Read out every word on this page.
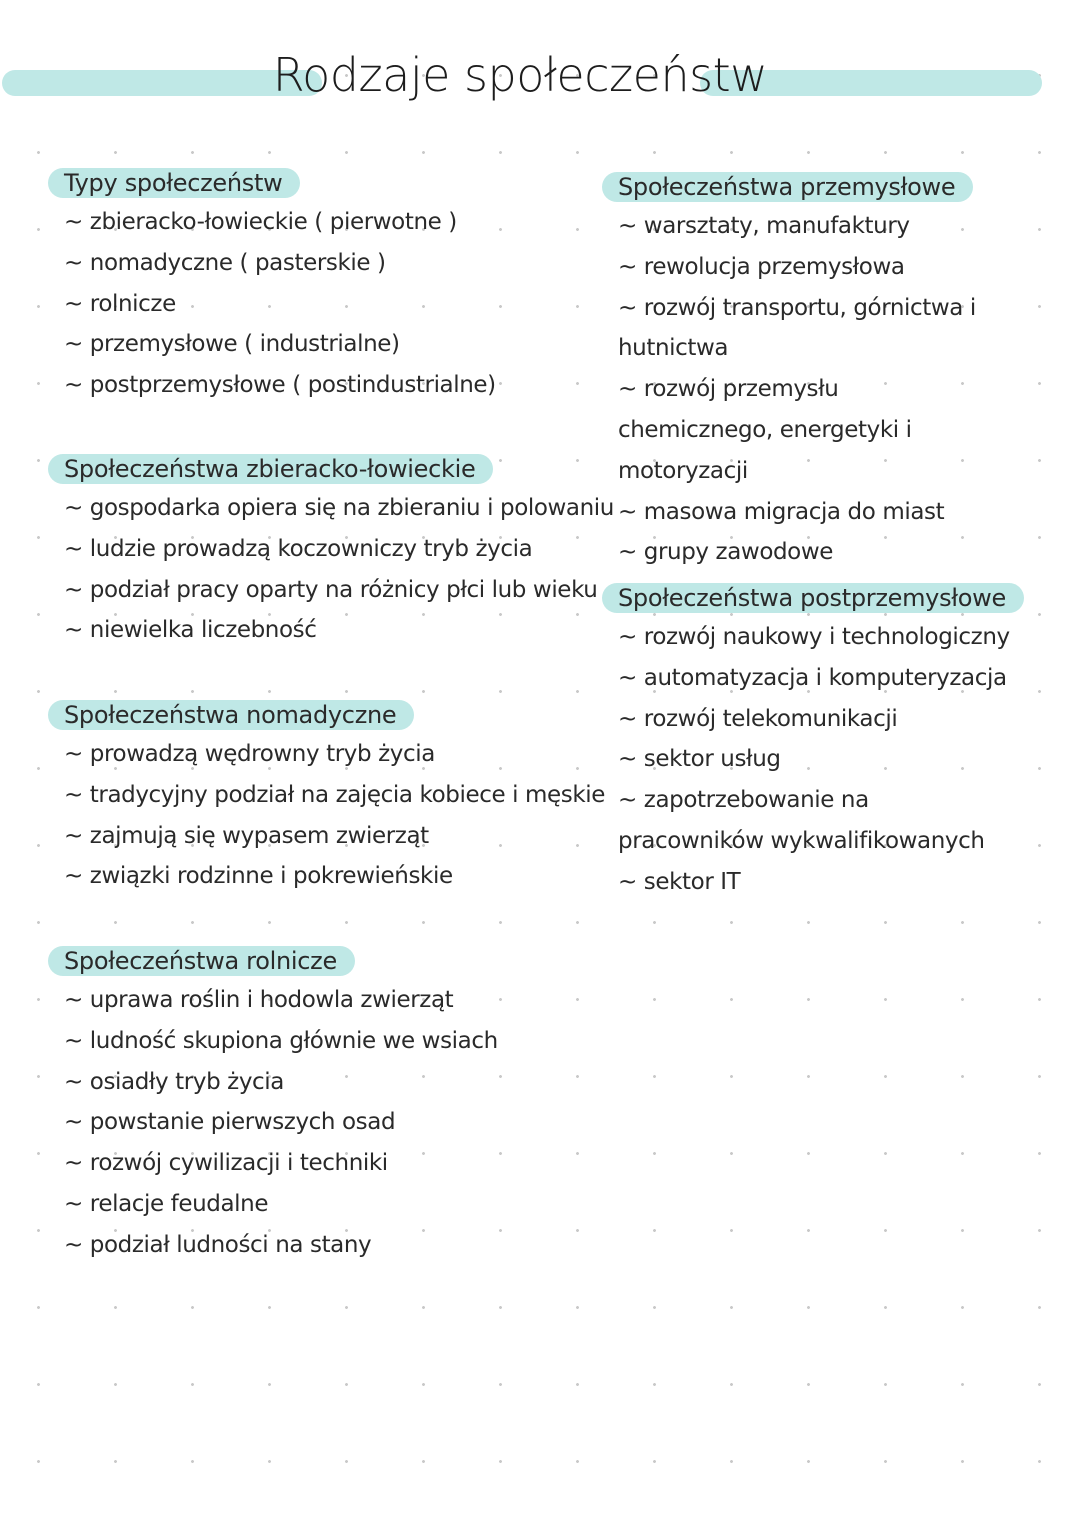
Rodzaje społeczeństw
Typy społeczeństw
~ zbieracko-łowieckie ( pierwotne )
~ nomadyczne ( pasterskie )
~ rolnicze
~ przemysłowe ( industrialne)
~ postprzemysłowe ( postindustrialne)
Społeczeństwa zbieracko-łowieckie
~ gospodarka opiera się na zbieraniu i polowaniu
~ ludzie prowadzą koczowniczy tryb życia
~ podział pracy oparty na różnicy płci lub wieku
~ niewielka liczebność
Społeczeństwa nomadyczne
~ prowadzą wędrowny tryb życia
~ tradycyjny podział na zajęcia kobiece i męskie
~ zajmują się wypasem zwierząt
~ związki rodzinne i pokrewieńskie
Społeczeństwa rolnicze
~ uprawa roślin i hodowla zwierząt
~ ludność skupiona głównie we wsiach
~ osiadły tryb życia
~ powstanie pierwszych osad
~ rozwój cywilizacji i techniki
~ relacje feudalne
~ podział ludności na stany
Społeczeństwa przemysłowe
~ warsztaty, manufaktury
~ rewolucja przemysłowa
~ rozwój transportu, górnictwa i hutnictwa
~ rozwój przemysłu chemicznego, energetyki i motoryzacji
~ masowa migracja do miast
~ grupy zawodowe
Społeczeństwa postprzemysłowe
~ rozwój naukowy i technologiczny
~ automatyzacja i komputeryzacja
~ rozwój telekomunikacji
~ sektor usług
~ zapotrzebowanie na pracowników wykwalifikowanych
~ sektor IT
